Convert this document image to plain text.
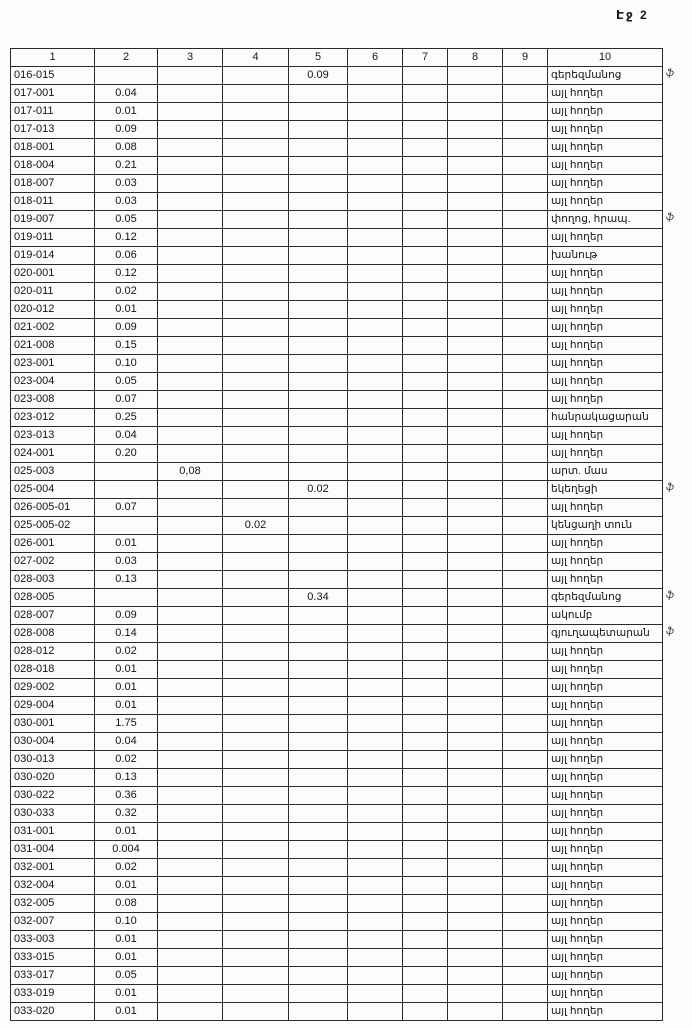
Էջ 2
1	2	3	4	5	6	7	8	9	10
016-015				0.09					գերեզմանոց
017-001	0.04								այլ հողեր
017-011	0.01								այլ հողեր
017-013	0.09								այլ հողեր
018-001	0.08								այլ հողեր
018-004	0.21								այլ հողեր
018-007	0.03								այլ հողեր
018-011	0.03								այլ հողեր
019-007	0.05								փողոց, հրապ.
019-011	0.12								այլ հողեր
019-014	0.06								խանութ
020-001	0.12								այլ հողեր
020-011	0.02								այլ հողեր
020-012	0.01								այլ հողեր
021-002	0.09								այլ հողեր
021-008	0.15								այլ հողեր
023-001	0.10								այլ հողեր
023-004	0.05								այլ հողեր
023-008	0.07								այլ հողեր
023-012	0.25								հանրակացարան
023-013	0.04								այլ հողեր
024-001	0.20								այլ հողեր
025-003		0,08							արտ. մաս
025-004				0.02					եկեղեցի
026-005-01	0.07								այլ հողեր
025-005-02			0.02						կենցաղի տուն
026-001	0.01								այլ հողեր
027-002	0.03								այլ հողեր
028-003	0.13								այլ հողեր
028-005				0.34					գերեզմանոց
028-007	0.09								ակումբ
028-008	0.14								գյուղապետարան
028-012	0.02								այլ հողեր
028-018	0.01								այլ հողեր
029-002	0.01								այլ հողեր
029-004	0.01								այլ հողեր
030-001	1.75								այլ հողեր
030-004	0.04								այլ հողեր
030-013	0.02								այլ հողեր
030-020	0.13								այլ հողեր
030-022	0.36								այլ հողեր
030-033	0.32								այլ հողեր
031-001	0.01								այլ հողեր
031-004	0.004								այլ հողեր
032-001	0.02								այլ հողեր
032-004	0.01								այլ հողեր
032-005	0.08								այլ հողեր
032-007	0.10								այլ հողեր
033-003	0.01								այլ հողեր
033-015	0.01								այլ հողեր
033-017	0.05								այլ հողեր
033-019	0.01								այլ հողեր
033-020	0.01								այլ հողեր
ֆ
ֆ
ֆ
ֆ
ֆ
